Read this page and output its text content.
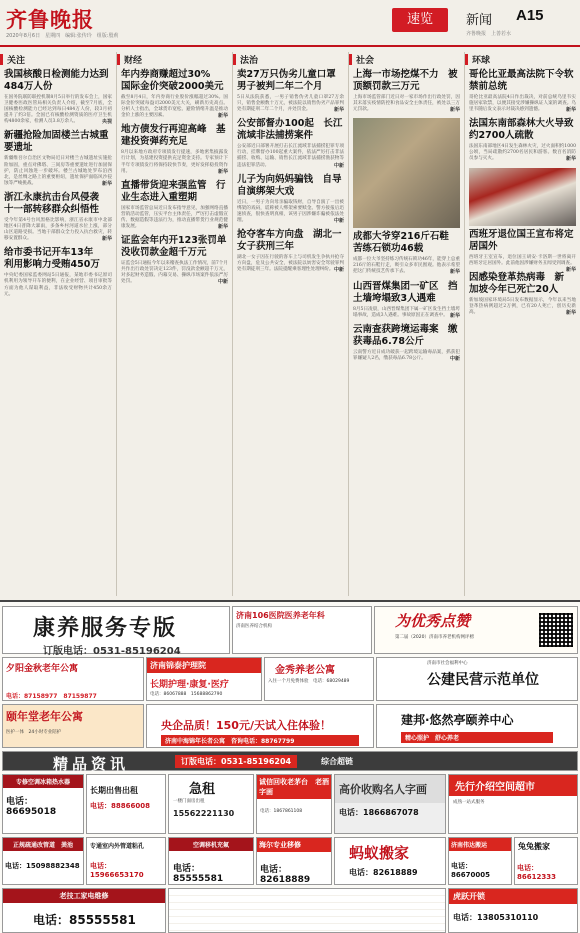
齐鲁晚报
2020年8月6日　星期四　编辑:张传玲　组版:殷莉
速览	新闻 A15
齐鲁晚报　上善若水
关注
我国核酸日检测能力达到484万人份

在国务院联防联控机制8月5日举行的发布会上，国家卫健委医政医管局相关负责人介绍，截至7月底，全国核酸检测能力已经达到每日484万人份，较3月初提升了约3倍。全国已有核酸检测资质的医疗卫生机构4800余家，检测人员3.8万余人。	央视

新疆抢险加固楼兰古城重要遗址

新疆维吾尔自治区文物局近日对楼兰古城遗址实施抢险加固，重点对佛塔、三间房等重要遗址进行加固保护，防止风蚀进一步破坏。楼兰古城地处罗布泊西北，是丝绸之路上的重要枢纽，遗址保护面临风沙侵蚀等严峻挑战。	新华

浙江永康抗击台风侵袭　十一部转移群众纠悟性

受今年第4号台风黑格比影响，浙江省永康市中北部地区4日普降大暴雨，多条乡村河道水位上涨，部分山区道路受损。当地干部群众全力投入抗台救灾，转移安置群众。	新华

给市委书记开车13年　利用影响力受贿450万

中央纪委国家监委网站5日通报，某地市委书记原司机利用为领导开车的便利，在企业经营、项目审批等方面为他人谋取利益，非法收受财物共计450余万元。

财经
年内券商赚超过30%　国际金价突破2000美元

截至8月4日，年内券商行业股价涨幅超过30%。国际金价突破每盎司2000美元大关，刷新历史高点。分析人士指出，全球货币宽松、避险情绪升温是推动金价上涨的主要因素。	新华

地方债发行再迎高峰　基建投资弹药充足

8月以来地方政府专项债发行提速，多地密集披露发行计划，为基建投资提供充足资金支持。专家预计下半年专项债发行将保持较快节奏，更好发挥稳投资作用。	新华

直播带货迎来强监管　行业生态进入重塑期

国家市场监管总局近日发布指导意见，加强网络直播营销活动监管，压实平台主体责任，严厉打击虚假宣传、数据造假等违法行为，推动直播带货行业规范健康发展。	新华

证监会年内开123张罚单　没收罚款金超千万元

证监会5日通报今年以来稽查执法工作情况，前7个月共作出行政处罚决定123件，罚没款金额超千万元，对多起财务造假、内幕交易、操纵市场案件依法严厉处罚。	中新

法治
卖27万只伪劣儿童口罩　男子被判二年二个月

5日从法院获悉，一男子销售伪劣儿童口罩27万余只，销售金额数十万元，被法院以销售伪劣产品罪判处有期徒刑二年二个月，并处罚金。	新华

公安部督办100起　长江流域非法捕捞案件

公安部近日部署开展打击长江流域非法捕捞犯罪专项行动，挂牌督办100起重大案件，依法严厉打击非法捕捞、收购、运输、销售长江流域非法捕捞渔获物等违法犯罪活动。	中新

儿子为向妈妈骗钱　自导自演绑架大戏

近日，一男子为向母亲骗取钱财，自导自演了一出被绑架的戏码，谎称被人绑架索要赎金。警方接报后迅速侦查，很快查明真相，该男子因涉嫌诈骗被依法处理。	中新

抢夺客车方向盘　湖北一女子获刑三年

湖北一女子因在行驶的客车上与司机发生争执并抢夺方向盘，危及公共安全，被法院以妨害安全驾驶罪判处有期徒刑三年。法院提醒乘客理性处理纠纷。 中新

社会
上海一市场挖煤不力　被顶额罚款三万元

上海市场监管部门近日对一家市场作出行政处罚，因其未落实疫情防控和食品安全主体责任，被处以三万元罚款。	新华

成都大爷穿216斤石鞋　苦练石锁功46载

成都一位大爷坚持练习传统石锁功46年，能穿上总重216斤的石鞋行走，吸引众多市民围观。他表示希望把这门传统技艺传承下去。	新华

山西晋煤集团一矿区　挡土墙垮塌致3人遇难

8月5日凌晨，山西晋煤集团下属一矿区发生挡土墙垮塌事故，造成3人遇难。事故原因正在调查中。 新华

云南查获跨境运毒案　缴获毒品6.78公斤

云南警方近日成功破获一起跨境运输毒品案，抓获犯罪嫌疑人2名，缴获毒品6.78公斤。	中新

环球
哥伦比亚最高法院下令软禁前总统

哥伦比亚最高法院4日作出裁决，对前总统乌里韦实施居家软禁，以便其接受涉嫌操纵证人案的调查。乌里韦随后发文表示对裁决感到遗憾。	新华

法国东南部森林大火导致约2700人疏散

法国东南部地区4日发生森林火灾，过火面积约1000公顷，当局疏散约2700名居民和游客。数百名消防员参与灭火。	新华

西班牙退位国王宣布将定居国外

西班牙王室宣布，退位国王胡安·卡洛斯一世将离开西班牙定居国外。此前他因涉嫌财务丑闻受到调查。
新华

因感染登革热病毒　新加坡今年已死亡20人

新加坡国家环境局5日发布数据显示，今年以来当地登革热病例超过2万例，已有20人死亡，创历史新高。	新华

康养服务专版
订版电话：0531-85196204
济南106医院医养老年科
济南医养结合机构	为优秀点赞
第二届（2020）济南市养老机构网评榜
夕阳金秋老年公寓
电话：87158977　87159877
济南锦泰护理院
长期护理·康复·医疗
电话：86067888　15688862790
金秀养老公寓
入住一个月免费体验　电话：68029489
济南市社会福利中心
公建民营示范单位
颐年堂老年公寓
医护一体　24小时专业陪护
央企品质！150元/天试入住体验！
济南中海锦年长者公寓　咨询电话：88767799
建邦·悠然亭颐养中心
精心照护　舒心养老
精品资讯	订版电话：0531-85196204	综合超链
专修空调冰箱热水器
电话：86695018
长期出售出租
电话：88866008
急租
一楼门面房出租
15562221130
诚信回收老茅台　老酒字画
电话：1867861108
高价收购名人字画
电话：1866867078
先行介绍空间超市
成熟一站式服务
正规疏通改管道　粪池
电话：15098882348
专通室内外管道粘孔
电话：15966653170
空调移机充氟
电话：85555581
海尔专业移修
电话：82618889
蚂蚁搬家
电话：82618889
济南伟达搬运
电话：86670005
兔兔搬家
电话：86612333
老技工家电维修
电话：85555581
虎跃开锁
电话：13805310110
